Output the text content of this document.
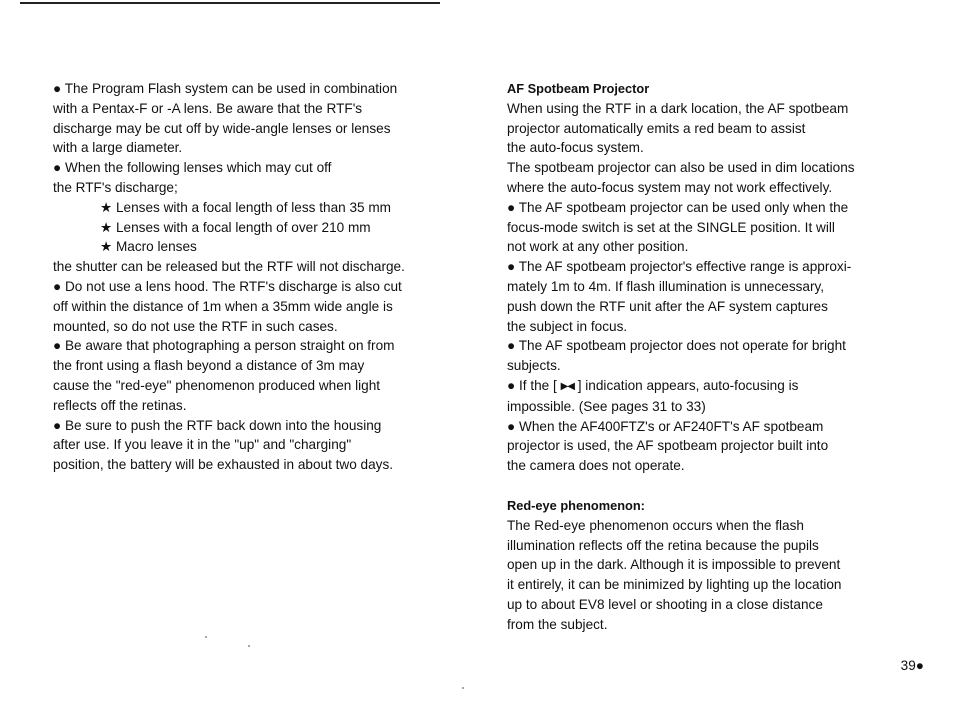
● The Program Flash system can be used in combination
with a Pentax-F or -A lens. Be aware that the RTF's
discharge may be cut off by wide-angle lenses or lenses
with a large diameter.

● When the following lenses which may cut off
the RTF's discharge;

★ Lenses with a focal length of less than 35 mm

★ Lenses with a focal length of over 210 mm

★ Macro lenses

the shutter can be released but the RTF will not discharge.

● Do not use a lens hood. The RTF's discharge is also cut
off within the distance of 1m when a 35mm wide angle is
mounted, so do not use the RTF in such cases.

● Be aware that photographing a person straight on from
the front using a flash beyond a distance of 3m may
cause the "red-eye" phenomenon produced when light
reflects off the retinas.

● Be sure to push the RTF back down into the housing
after use. If you leave it in the "up" and "charging"
position, the battery will be exhausted in about two days.

AF Spotbeam Projector

When using the RTF in a dark location, the AF spotbeam
projector automatically emits a red beam to assist
the auto-focus system.

The spotbeam projector can also be used in dim locations
where the auto-focus system may not work effectively.

● The AF spotbeam projector can be used only when the
focus-mode switch is set at the SINGLE position. It will
not work at any other position.

● The AF spotbeam projector's effective range is approxi-
mately 1m to 4m. If flash illumination is unnecessary,
push down the RTF unit after the AF system captures
the subject in focus.

● The AF spotbeam projector does not operate for bright
subjects.

● If the [ ▶◀ ] indication appears, auto-focusing is
impossible. (See pages 31 to 33)

● When the AF400FTZ's or AF240FT's AF spotbeam
projector is used, the AF spotbeam projector built into
the camera does not operate.

Red-eye phenomenon:

The Red-eye phenomenon occurs when the flash
illumination reflects off the retina because the pupils
open up in the dark. Although it is impossible to prevent
it entirely, it can be minimized by lighting up the location
up to about EV8 level or shooting in a close distance
from the subject.

39●
